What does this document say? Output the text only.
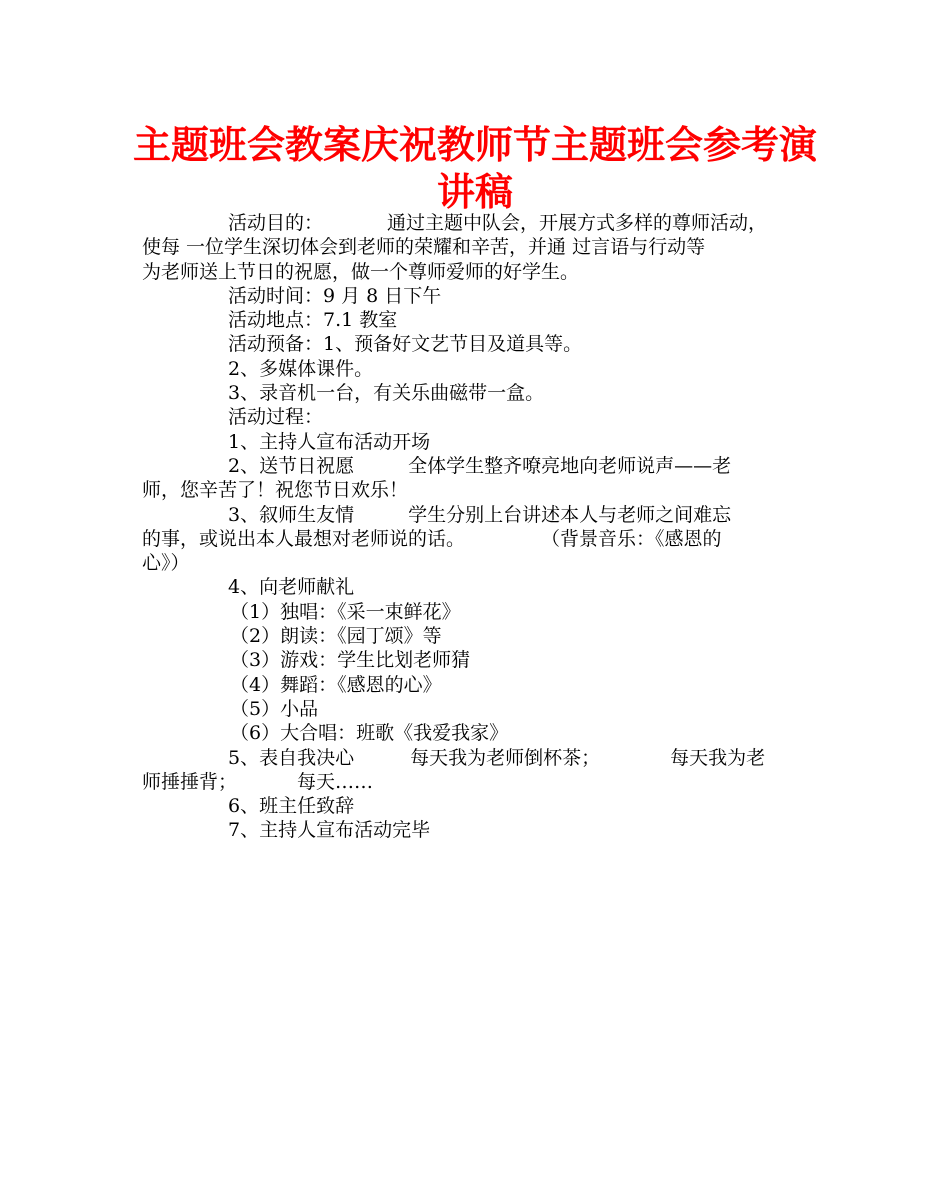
主题班会教案庆祝教师节主题班会参考演
讲稿

活动目的：	通过主题中队会，开展方式多样的尊师活动，

使每 一位学生深切体会到老师的荣耀和辛苦，并通 过言语与行动等

为老师送上节日的祝愿，做一个尊师爱师的好学生。

活动时间：9 月 8 日下午

活动地点：7.1 教室

活动预备：1、预备好文艺节目及道具等。

2、多媒体课件。

3、录音机一台，有关乐曲磁带一盒。

活动过程：

1、主持人宣布活动开场

2、送节日祝愿	全体学生整齐嘹亮地向老师说声——老

师，您辛苦了！祝您节日欢乐！

3、叙师生友情	学生分别上台讲述本人与老师之间难忘

的事，或说出本人最想对老师说的话。	（背景音乐：《感恩的

心》）

4、向老师献礼

（1）独唱：《采一束鲜花》

（2）朗读：《园丁颂》等

（3）游戏：学生比划老师猜

（4）舞蹈：《感恩的心》

（5）小品

（6）大合唱：班歌《我爱我家》

5、表自我决心	每天我为老师倒杯茶；	每天我为老

师捶捶背；	每天……

6、班主任致辞

7、主持人宣布活动完毕
